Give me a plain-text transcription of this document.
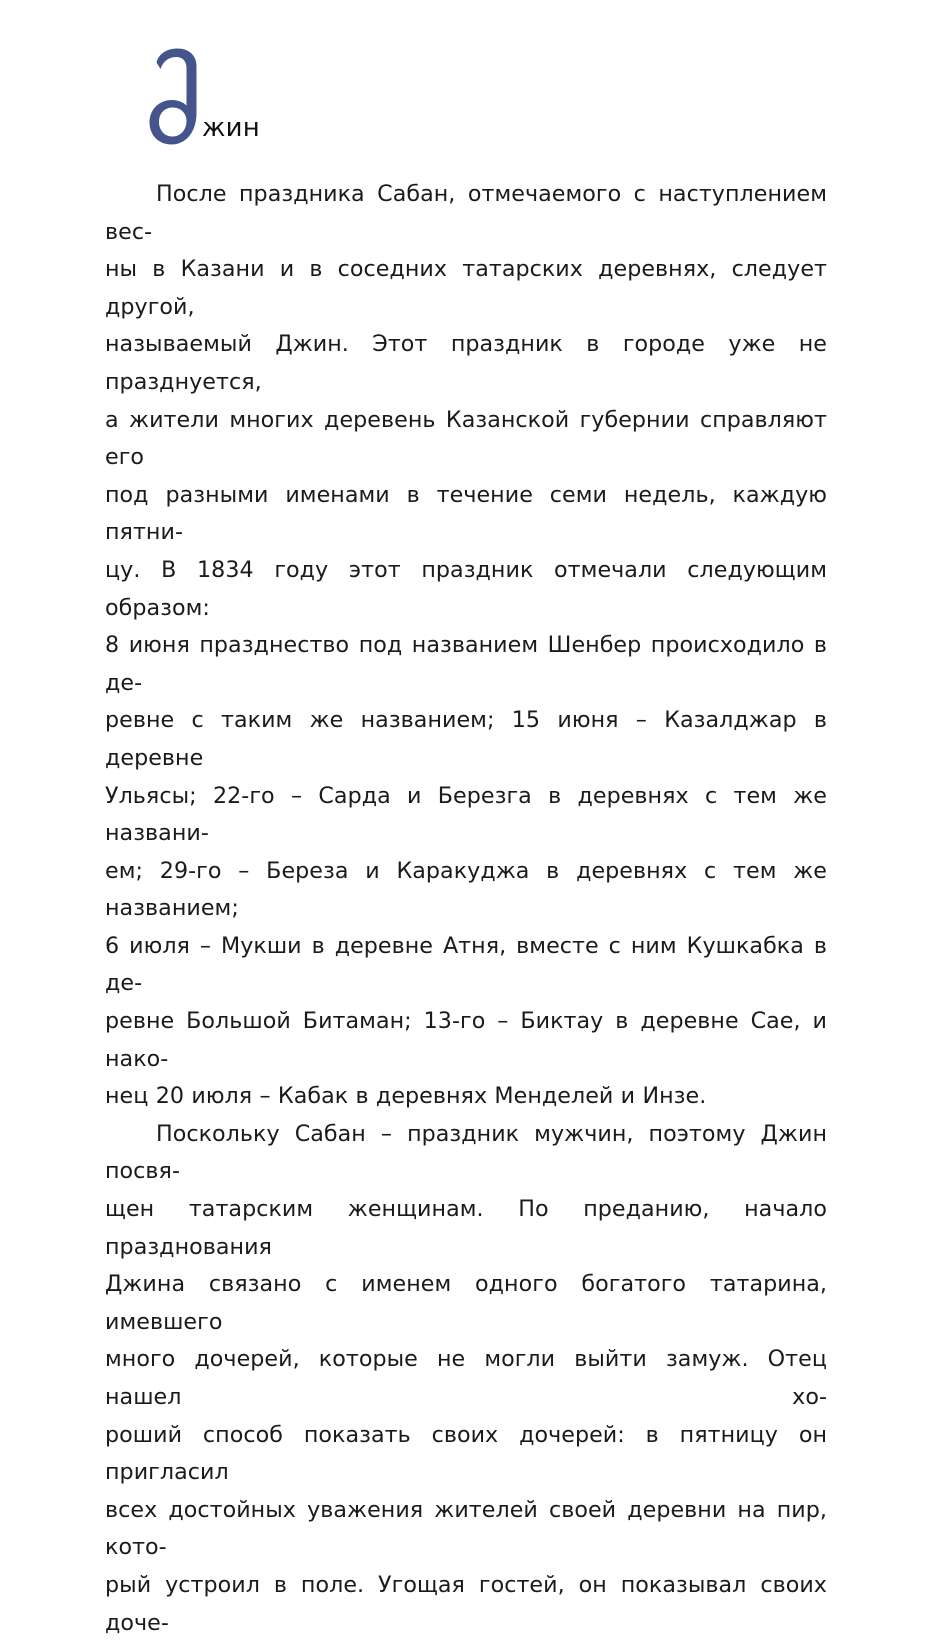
жин
После праздника Сабан, отмечаемого с наступлением вес-
ны в Казани и в соседних татарских деревнях, следует другой,
называемый Джин. Этот праздник в городе уже не празднуется,
а жители многих деревень Казанской губернии справляют его
под разными именами в течение семи недель, каждую пятни-
цу. В 1834 году этот праздник отмечали следующим образом:
8 июня празднество под названием Шенбер происходило в де-
ревне с таким же названием; 15 июня – Казалджар в деревне
Ульясы; 22-го – Сарда и Березга в деревнях с тем же названи-
ем; 29-го – Береза и Каракуджа в деревнях с тем же названием;
6 июля – Мукши в деревне Атня, вместе с ним Кушкабка в де-
ревне Большой Битаман; 13-го – Биктау в деревне Сае, и нако-
нец 20 июля – Кабак в деревнях Менделей и Инзе.
Поскольку Сабан – праздник мужчин, поэтому Джин посвя-
щен татарским женщинам. По преданию, начало празднования
Джина связано с именем одного богатого татарина, имевшего
много дочерей, которые не могли выйти замуж. Отец нашел хо-
роший способ показать своих дочерей: в пятницу он пригласил
всех достойных уважения жителей своей деревни на пир, кото-
рый устроил в поле. Угощая гостей, он показывал своих доче-
